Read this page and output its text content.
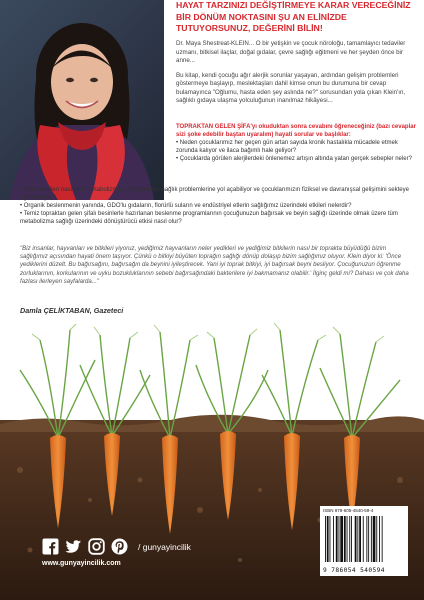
HAYAT TARZINIZI DEĞİŞTİRMEYE KARAR VERECEĞİNİZ BİR DÖNÜM NOKTASINI ŞU AN ELİNİZDE TUTUYORSUNUZ, DEĞERİNİ BİLİN!

Dr. Maya Shestreat-KLEIN... O bir yetişkin ve çocuk nöroloğu, tamamlayıcı tedaviler uzmanı, bitkisel ilaçlar, doğal gıdalar, çevre sağlığı eğitmeni ve her şeyden önce bir anne...

Bu kitap, kendi çocuğu ağır alerjik sorunlar yaşayan, ardından gelişim problemleri göstermeye başlayıp, meslektaşları dahil kimse onun bu durumuna bir cevap bulamayınca "Oğlumu, hasta eden şey aslında ne?" sorusundan yola çıkan Klein'ın, sağlıklı gıdaya ulaşma yolculuğunun inanılmaz hikâyesi...

TOPRAKTAN GELEN ŞİFA'yı okuduktan sonra cevabını öğreneceğiniz (bazı cevaplar sizi şoke edebilir baştan uyaralım) hayati sorular ve başlıklar:

• Neden çocuklarımız her geçen gün artan sayıda kronik hastalıkla mücadele etmek zorunda kalıyor ve ilaca bağımlı hale geliyor?

• Çocuklarda görülen alerjilerdeki önlenemez artışın altında yatan gerçek sebepler neler?

• Gıda alerjileri nasıl tüm metabolizmayı etkileyebilen sağlık problemlerine yol açabiliyor ve çocuklarımızın fiziksel ve davranışsal gelişimini sekteye uğratabiliyor?

• Organik beslenmenin yanında, GDO'lu gıdaların, florürlü suların ve endüstriyel etlerin sağlığımız üzerindeki etkileri nelerdir?

• Temiz topraktan gelen şifalı besinlerle hazırlanan beslenme programlarının çocuğunuzun bağırsak ve beyin sağlığı üzerinde olmak üzere tüm metabolizma sağlığı üzerindeki dönüştürücü etkisi nasıl olur?

"Biz insanlar, hayvanları ve bitkileri yiyoruz, yediğimiz hayvanların neler yedikleri ve yediğimiz bitkilerin nasıl bir toprakta büyüdüğü bizim sağlığımız açısından hayati önem taşıyor. Çünkü o bitkiyi büyüten toprağın sağlığı dönüp dolaşıp bizim sağlığımız oluyor. Klein diyor ki: 'Önce yediklerini düzelt. Bu bağırsağını, bağırsağın da beynini iyileştirecek. Yani iyi toprak bitkiyi, iyi bağırsak beyni besliyor. Çocuğunuzun öğrenme zorluklarının, korkularının ve uyku bozukluklarının sebebi bağırsağındaki bakterilere iyi bakmamanız olabilir.' İlginç geldi mi? Dahası ve çok daha fazlası ilerleyen sayfalarda..."
Damla ÇELİKTABAN, Gazeteci
/ gunyayincilik
www.gunyayincilik.com
ISBN 978-605-4540-59-4
9 786054 540594
